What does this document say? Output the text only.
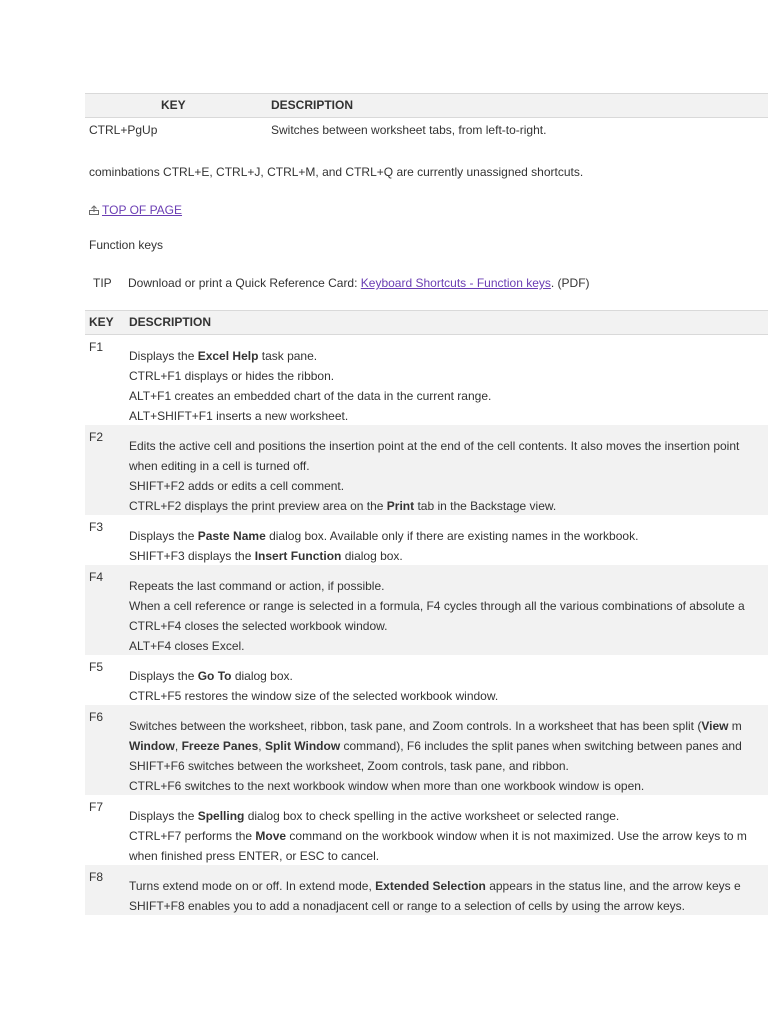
KEY	DESCRIPTION
CTRL+PgUp	Switches between worksheet tabs, from left-to-right.
cominbations CTRL+E, CTRL+J, CTRL+M, and CTRL+Q are currently unassigned shortcuts.
TOP OF PAGE
Function keys
TIP Download or print a Quick Reference Card: Keyboard Shortcuts - Function keys. (PDF)
KEY DESCRIPTION
F1
Displays the Excel Help task pane.
CTRL+F1 displays or hides the ribbon.
ALT+F1 creates an embedded chart of the data in the current range.
ALT+SHIFT+F1 inserts a new worksheet.
F2
Edits the active cell and positions the insertion point at the end of the cell contents. It also moves the insertion point
when editing in a cell is turned off.
SHIFT+F2 adds or edits a cell comment.
CTRL+F2 displays the print preview area on the Print tab in the Backstage view.
F3
Displays the Paste Name dialog box. Available only if there are existing names in the workbook.
SHIFT+F3 displays the Insert Function dialog box.
F4
Repeats the last command or action, if possible.
When a cell reference or range is selected in a formula, F4 cycles through all the various combinations of absolute a
CTRL+F4 closes the selected workbook window.
ALT+F4 closes Excel.
F5
Displays the Go To dialog box.
CTRL+F5 restores the window size of the selected workbook window.
F6
Switches between the worksheet, ribbon, task pane, and Zoom controls. In a worksheet that has been split (View m
Window, Freeze Panes, Split Window command), F6 includes the split panes when switching between panes and
SHIFT+F6 switches between the worksheet, Zoom controls, task pane, and ribbon.
CTRL+F6 switches to the next workbook window when more than one workbook window is open.
F7
Displays the Spelling dialog box to check spelling in the active worksheet or selected range.
CTRL+F7 performs the Move command on the workbook window when it is not maximized. Use the arrow keys to m
when finished press ENTER, or ESC to cancel.
F8
Turns extend mode on or off. In extend mode, Extended Selection appears in the status line, and the arrow keys e
SHIFT+F8 enables you to add a nonadjacent cell or range to a selection of cells by using the arrow keys.
